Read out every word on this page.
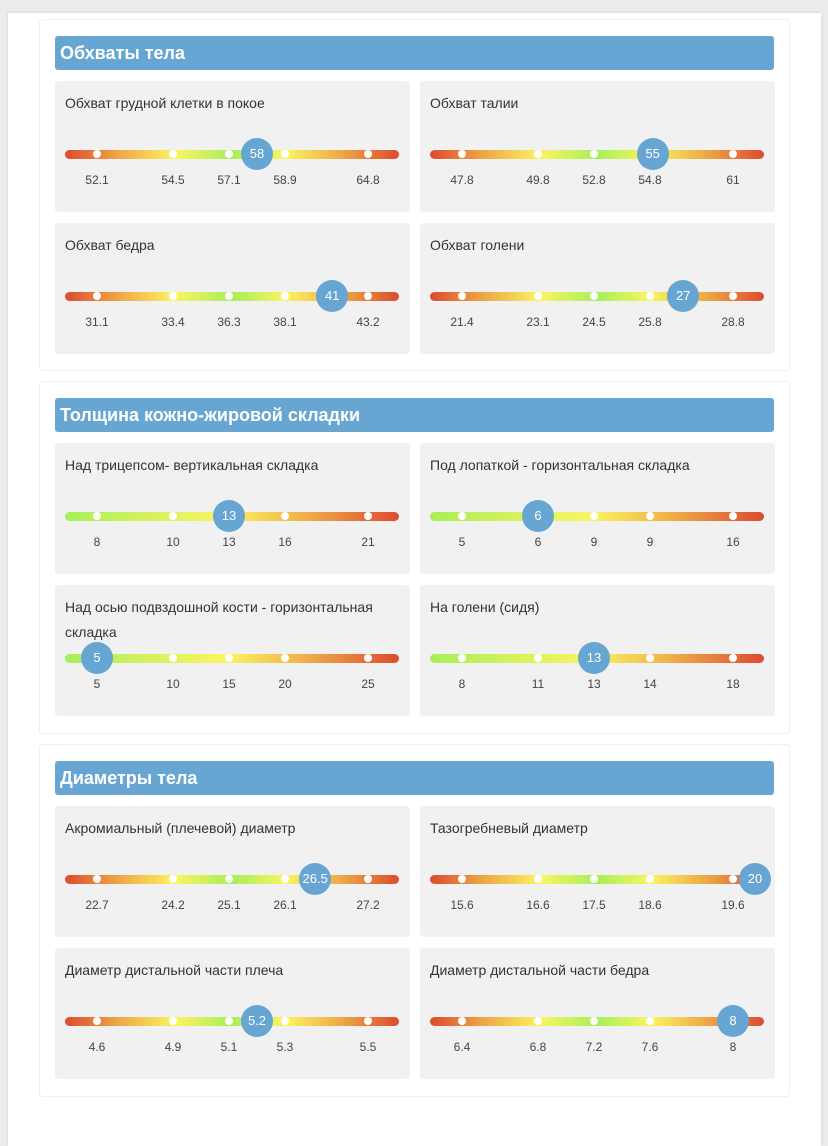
Обхваты тела
Обхват грудной клетки в покое
52.1	54.5	57.1	58.9	64.8
58
Обхват талии
47.8	49.8	52.8	54.8	61
55
Обхват бедра
31.1	33.4	36.3	38.1	43.2
41
Обхват голени
21.4	23.1	24.5	25.8	28.8
27
Толщина кожно-жировой складки
Над трицепсом- вертикальная складка
8	10	13	16	21
13
Под лопаткой - горизонтальная складка
5	6	9	9	16
6
Над осью подвздошной кости - горизонтальная складка
5	10	15	20	25
5
На голени (сидя)
8	11	13	14	18
13
Диаметры тела
Акромиальный (плечевой) диаметр
22.7	24.2	25.1	26.1	27.2
26.5
Тазогребневый диаметр
15.6	16.6	17.5	18.6	19.6
20
Диаметр дистальной части плеча
4.6	4.9	5.1	5.3	5.5
5.2
Диаметр дистальной части бедра
6.4	6.8	7.2	7.6	8
8
